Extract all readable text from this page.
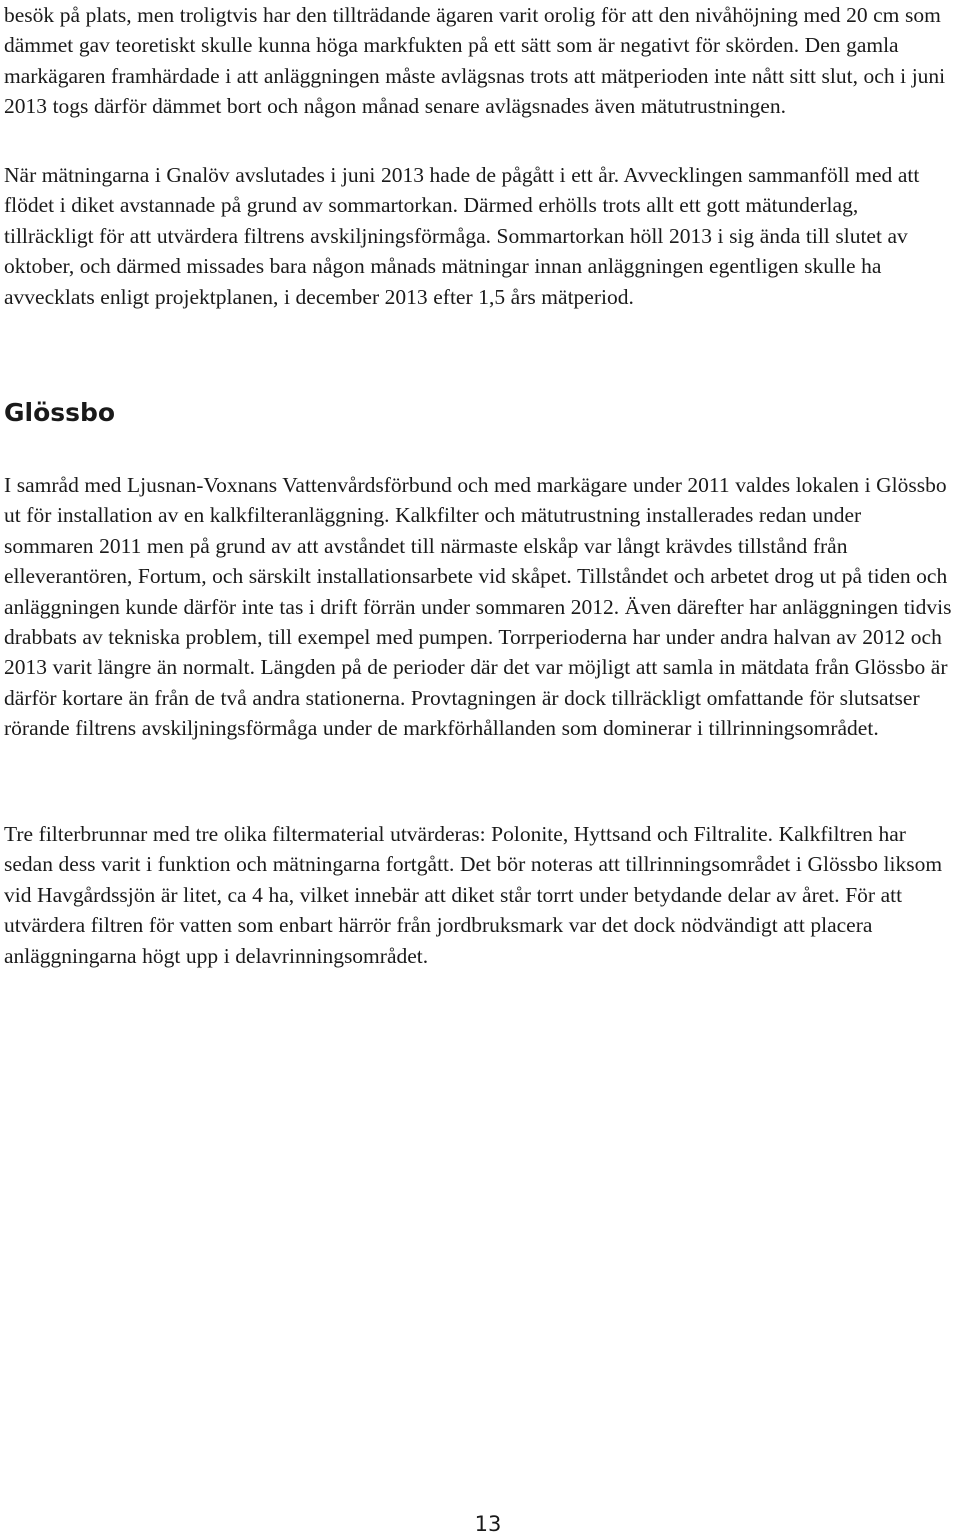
besök på plats, men troligtvis har den tillträdande ägaren varit orolig för att den nivåhöjning med 20 cm som dämmet gav teoretiskt skulle kunna höga markfukten på ett sätt som är negativt för skörden. Den gamla markägaren framhärdade i att anläggningen måste avlägsnas trots att mätperioden inte nått sitt slut, och i juni 2013 togs därför dämmet bort och någon månad senare avlägsnades även mätutrustningen.

När mätningarna i Gnalöv avslutades i juni 2013 hade de pågått i ett år. Avvecklingen sammanföll med att flödet i diket avstannade på grund av sommartorkan. Därmed erhölls trots allt ett gott mätunderlag, tillräckligt för att utvärdera filtrens avskiljningsförmåga. Sommartorkan höll 2013 i sig ända till slutet av oktober, och därmed missades bara någon månads mätningar innan anläggningen egentligen skulle ha avvecklats enligt projektplanen, i december 2013 efter 1,5 års mätperiod.

Glössbo

I samråd med Ljusnan-Voxnans Vattenvårdsförbund och med markägare under 2011 valdes lokalen i Glössbo ut för installation av en kalkfilteranläggning. Kalkfilter och mätutrustning installerades redan under sommaren 2011 men på grund av att avståndet till närmaste elskåp var långt krävdes tillstånd från elleverantören, Fortum, och särskilt installationsarbete vid skåpet. Tillståndet och arbetet drog ut på tiden och anläggningen kunde därför inte tas i drift förrän under sommaren 2012. Även därefter har anläggningen tidvis drabbats av tekniska problem, till exempel med pumpen. Torrperioderna har under andra halvan av 2012 och 2013 varit längre än normalt. Längden på de perioder där det var möjligt att samla in mätdata från Glössbo är därför kortare än från de två andra stationerna. Provtagningen är dock tillräckligt omfattande för slutsatser rörande filtrens avskiljningsförmåga under de markförhållanden som dominerar i tillrinningsområdet.

Tre filterbrunnar med tre olika filtermaterial utvärderas: Polonite, Hyttsand och Filtralite. Kalkfiltren har sedan dess varit i funktion och mätningarna fortgått. Det bör noteras att tillrinningsområdet i Glössbo liksom vid Havgårdssjön är litet, ca 4 ha, vilket innebär att diket står torrt under betydande delar av året. För att utvärdera filtren för vatten som enbart härrör från jordbruksmark var det dock nödvändigt att placera anläggningarna högt upp i delavrinningsområdet.

13
